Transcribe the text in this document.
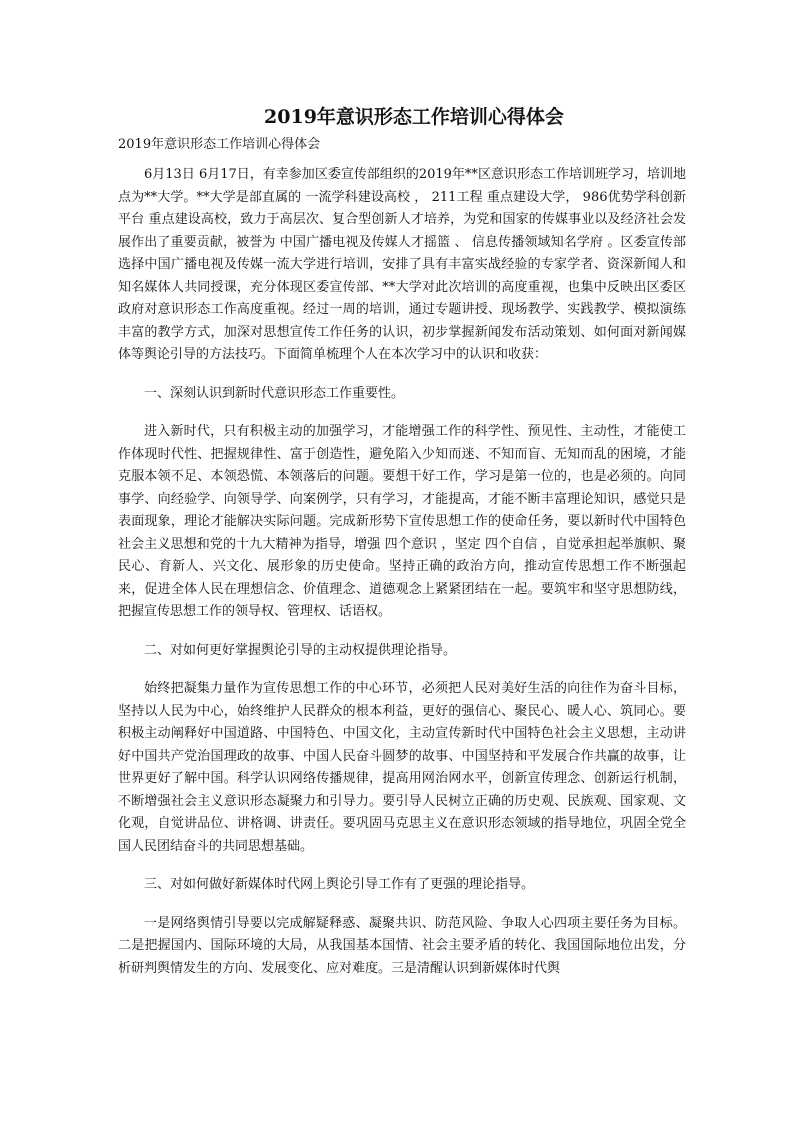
2019年意识形态工作培训心得体会
2019年意识形态工作培训心得体会

6月13日 6月17日，有幸参加区委宣传部组织的2019年**区意识形态工作培训班学习，培训地点为**大学。**大学是部直属的 一流学科建设高校 ， 211工程 重点建设大学， 986优势学科创新平台 重点建设高校，致力于高层次、复合型创新人才培养，为党和国家的传媒事业以及经济社会发展作出了重要贡献，被誉为 中国广播电视及传媒人才摇篮 、 信息传播领域知名学府 。区委宣传部选择中国广播电视及传媒一流大学进行培训，安排了具有丰富实战经验的专家学者、资深新闻人和知名媒体人共同授课，充分体现区委宣传部、**大学对此次培训的高度重视，也集中反映出区委区政府对意识形态工作高度重视。经过一周的培训，通过专题讲授、现场教学、实践教学、模拟演练丰富的教学方式，加深对思想宣传工作任务的认识，初步掌握新闻发布活动策划、如何面对新闻媒体等舆论引导的方法技巧。下面简单梳理个人在本次学习中的认识和收获：

一、深刻认识到新时代意识形态工作重要性。

进入新时代，只有积极主动的加强学习，才能增强工作的科学性、预见性、主动性，才能使工作体现时代性、把握规律性、富于创造性，避免陷入少知而迷、不知而盲、无知而乱的困境，才能克服本领不足、本领恐慌、本领落后的问题。要想干好工作，学习是第一位的，也是必须的。向同事学、向经验学、向领导学、向案例学，只有学习，才能提高，才能不断丰富理论知识，感觉只是表面现象，理论才能解决实际问题。完成新形势下宣传思想工作的使命任务，要以新时代中国特色社会主义思想和党的十九大精神为指导，增强 四个意识 ，坚定 四个自信 ，自觉承担起举旗帜、聚民心、育新人、兴文化、展形象的历史使命。坚持正确的政治方向，推动宣传思想工作不断强起来，促进全体人民在理想信念、价值理念、道德观念上紧紧团结在一起。要筑牢和坚守思想防线，把握宣传思想工作的领导权、管理权、话语权。

二、对如何更好掌握舆论引导的主动权提供理论指导。

始终把凝集力量作为宣传思想工作的中心环节，必须把人民对美好生活的向往作为奋斗目标，坚持以人民为中心，始终维护人民群众的根本利益，更好的强信心、聚民心、暖人心、筑同心。要积极主动阐释好中国道路、中国特色、中国文化，主动宣传新时代中国特色社会主义思想，主动讲好中国共产党治国理政的故事、中国人民奋斗圆梦的故事、中国坚持和平发展合作共赢的故事，让世界更好了解中国。科学认识网络传播规律，提高用网治网水平，创新宣传理念、创新运行机制，不断增强社会主义意识形态凝聚力和引导力。要引导人民树立正确的历史观、民族观、国家观、文化观，自觉讲品位、讲格调、讲责任。要巩固马克思主义在意识形态领域的指导地位，巩固全党全国人民团结奋斗的共同思想基础。

三、对如何做好新媒体时代网上舆论引导工作有了更强的理论指导。

一是网络舆情引导要以完成解疑释惑、凝聚共识、防范风险、争取人心四项主要任务为目标。二是把握国内、国际环境的大局，从我国基本国情、社会主要矛盾的转化、我国国际地位出发，分析研判舆情发生的方向、发展变化、应对难度。三是清醒认识到新媒体时代舆
